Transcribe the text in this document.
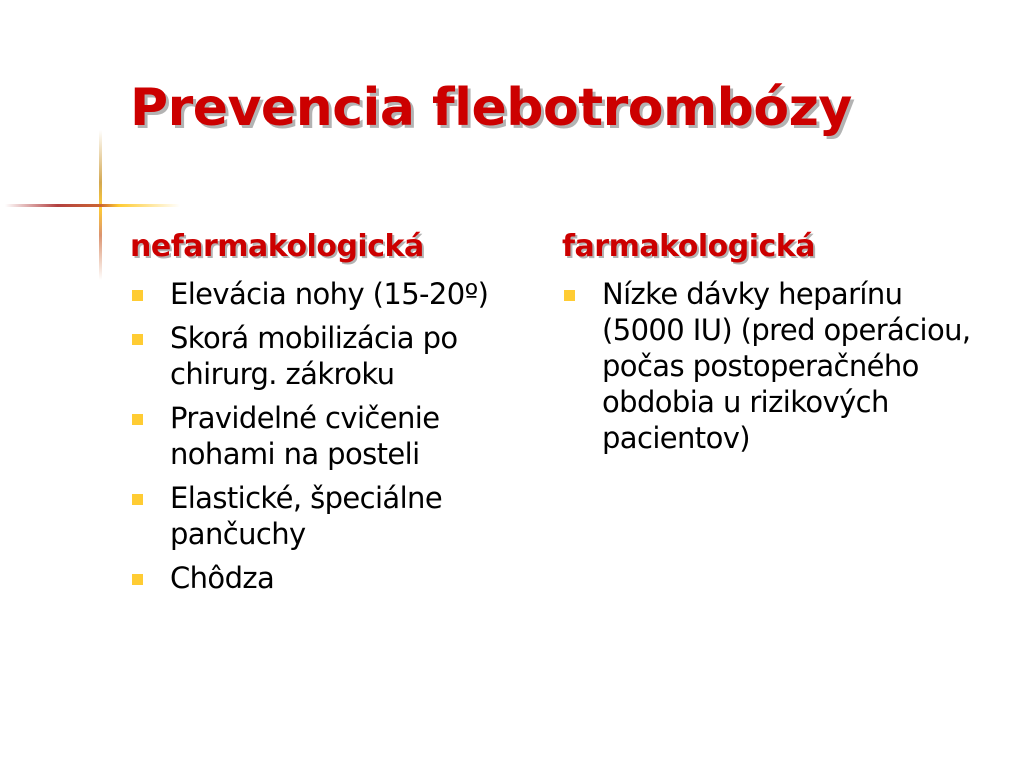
Prevencia flebotrombózy
nefarmakologická
Elevácia nohy (15-20º)
Skorá mobilizácia po chirurg. zákroku
Pravidelné cvičenie nohami na posteli
Elastické, špeciálne pančuchy
Chôdza
farmakologická
Nízke dávky heparínu (5000 IU) (pred operáciou, počas postoperačného obdobia u rizikových pacientov)
